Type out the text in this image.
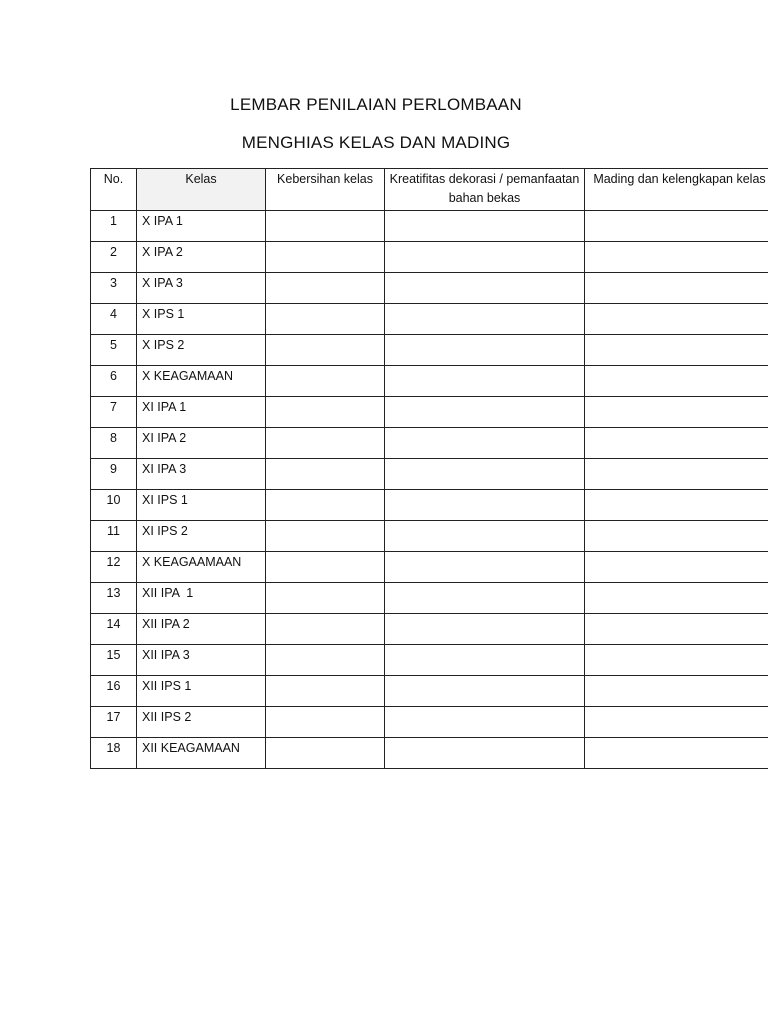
LEMBAR PENILAIAN PERLOMBAAN
MENGHIAS KELAS DAN MADING
No.	Kelas	Kebersihan kelas	Kreatifitas dekorasi / pemanfaatan bahan bekas	Mading dan kelengkapan kelas

1	X IPA 1			
2	X IPA 2			
3	X IPA 3			
4	X IPS 1			
5	X IPS 2			
6	X KEAGAMAAN			
7	XI IPA 1			
8	XI IPA 2			
9	XI IPA 3			
10	XI IPS 1			
11	XI IPS 2			
12	X KEAGAAMAAN			
13	XII IPA  1			
14	XII IPA 2			
15	XII IPA 3			
16	XII IPS 1			
17	XII IPS 2			
18	XII KEAGAMAAN			
